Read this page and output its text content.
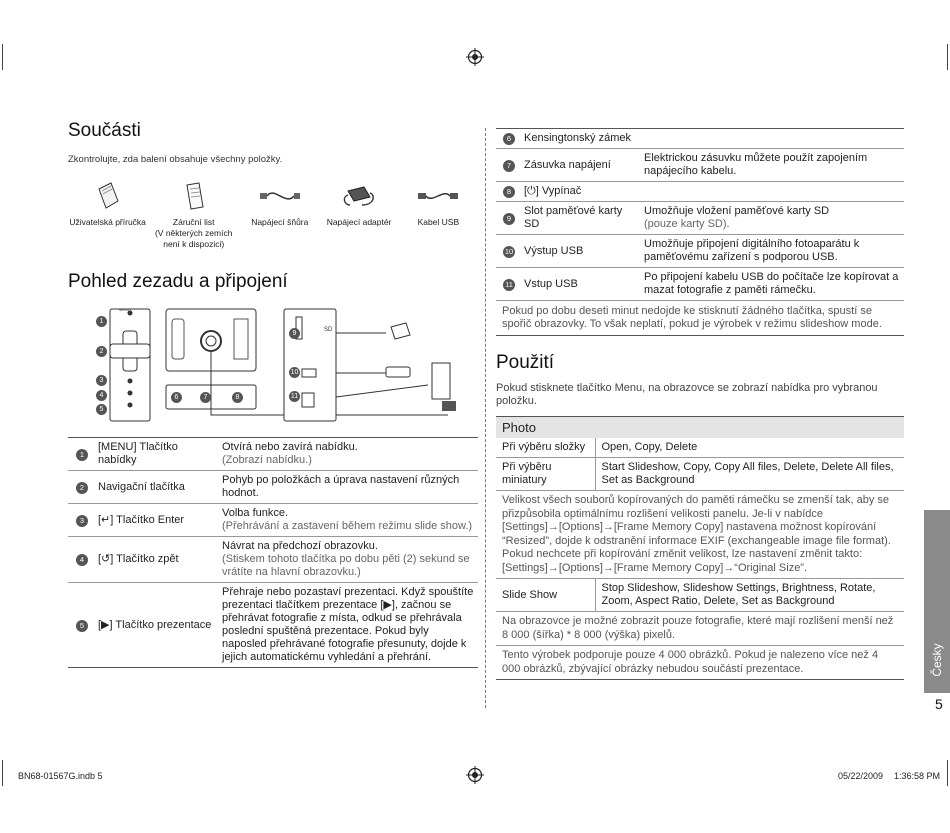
Součásti
Zkontrolujte, zda balení obsahuje všechny položky.
Uživatelská příručka	Záruční list
(V některých zemích není k dispozici)
Napájecí šňůra	Napájecí adaptér	Kabel USB
Pohled zezadu a připojení
SD
MENU
1
2
3
4
5
6	7	8
9
10
11
1	[MENU] Tlačítko nabídky	Otvírá nebo zavírá nabídku.
(Zobrazí nabídku.)

2	Navigační tlačítka	Pohyb po položkách a úprava nastavení různých hodnot.

3	[↵] Tlačítko Enter	Volba funkce.
(Přehrávání a zastavení během režimu slide show.)

4	[↺] Tlačítko zpět	Návrat na předchozí obrazovku.
(Stiskem tohoto tlačítka po dobu pěti (2) sekund se vrátíte na hlavní obrazovku.)

5	[▶] Tlačítko prezentace	Přehraje nebo pozastaví prezentaci. Když spouštíte prezentaci tlačítkem prezentace [▶], začnou se přehrávat fotografie z místa, odkud se přehrávala poslední spuštěná prezentace. Pokud byly naposled přehrávané fotografie přesunuty, dojde k jejich automatickému vyhledání a přehrání.
6	Kensingtonský zámek	
7	Zásuvka napájení	Elektrickou zásuvku můžete použít zapojením napájecího kabelu.
8	[⏻] Vypínač	
9	Slot paměťové karty SD	Umožňuje vložení paměťové karty SD
(pouze karty SD).

10	Výstup USB	Umožňuje připojení digitálního fotoaparátu k paměťovému zařízení s podporou USB.
11	Vstup USB	Po připojení kabelu USB do počítače lze kopírovat a mazat fotografie z paměti rámečku.
Pokud po dobu deseti minut nedojde ke stisknutí žádného tlačítka, spustí se spořič obrazovky. To však neplatí, pokud je výrobek v režimu slideshow mode.
Použití
Pokud stisknete tlačítko Menu, na obrazovce se zobrazí nabídka pro vybranou položku.
Photo
Při výběru složky	Open, Copy, Delete
Při výběru miniatury	Start Slideshow, Copy, Copy All files, Delete, Delete All files, Set as Background
Velikost všech souborů kopírovaných do paměti rámečku se zmenší tak, aby se přizpůsobila optimálnímu rozlišení velikosti panelu. Je-li v nabídce [Settings]→[Options]→[Frame Memory Copy] nastavena možnost kopírování “Resized”, dojde k odstranění informace EXIF (exchangeable image file format). Pokud nechcete při kopírování změnit velikost, lze nastavení změnit takto: [Settings]→[Options]→[Frame Memory Copy]→“Original Size”.
Slide Show	Stop Slideshow, Slideshow Settings, Brightness, Rotate, Zoom, Aspect Ratio, Delete, Set as Background
Na obrazovce je možné zobrazit pouze fotografie, které mají rozlišení menší než 8 000 (šířka) * 8 000 (výška) pixelů.
Tento výrobek podporuje pouze 4 000 obrázků. Pokud je nalezeno více než 4 000 obrázků, zbývající obrázky nebudou součástí prezentace.	Česky
5
BN68-01567G.indb 5	05/22/2009 1:36:58 PM
